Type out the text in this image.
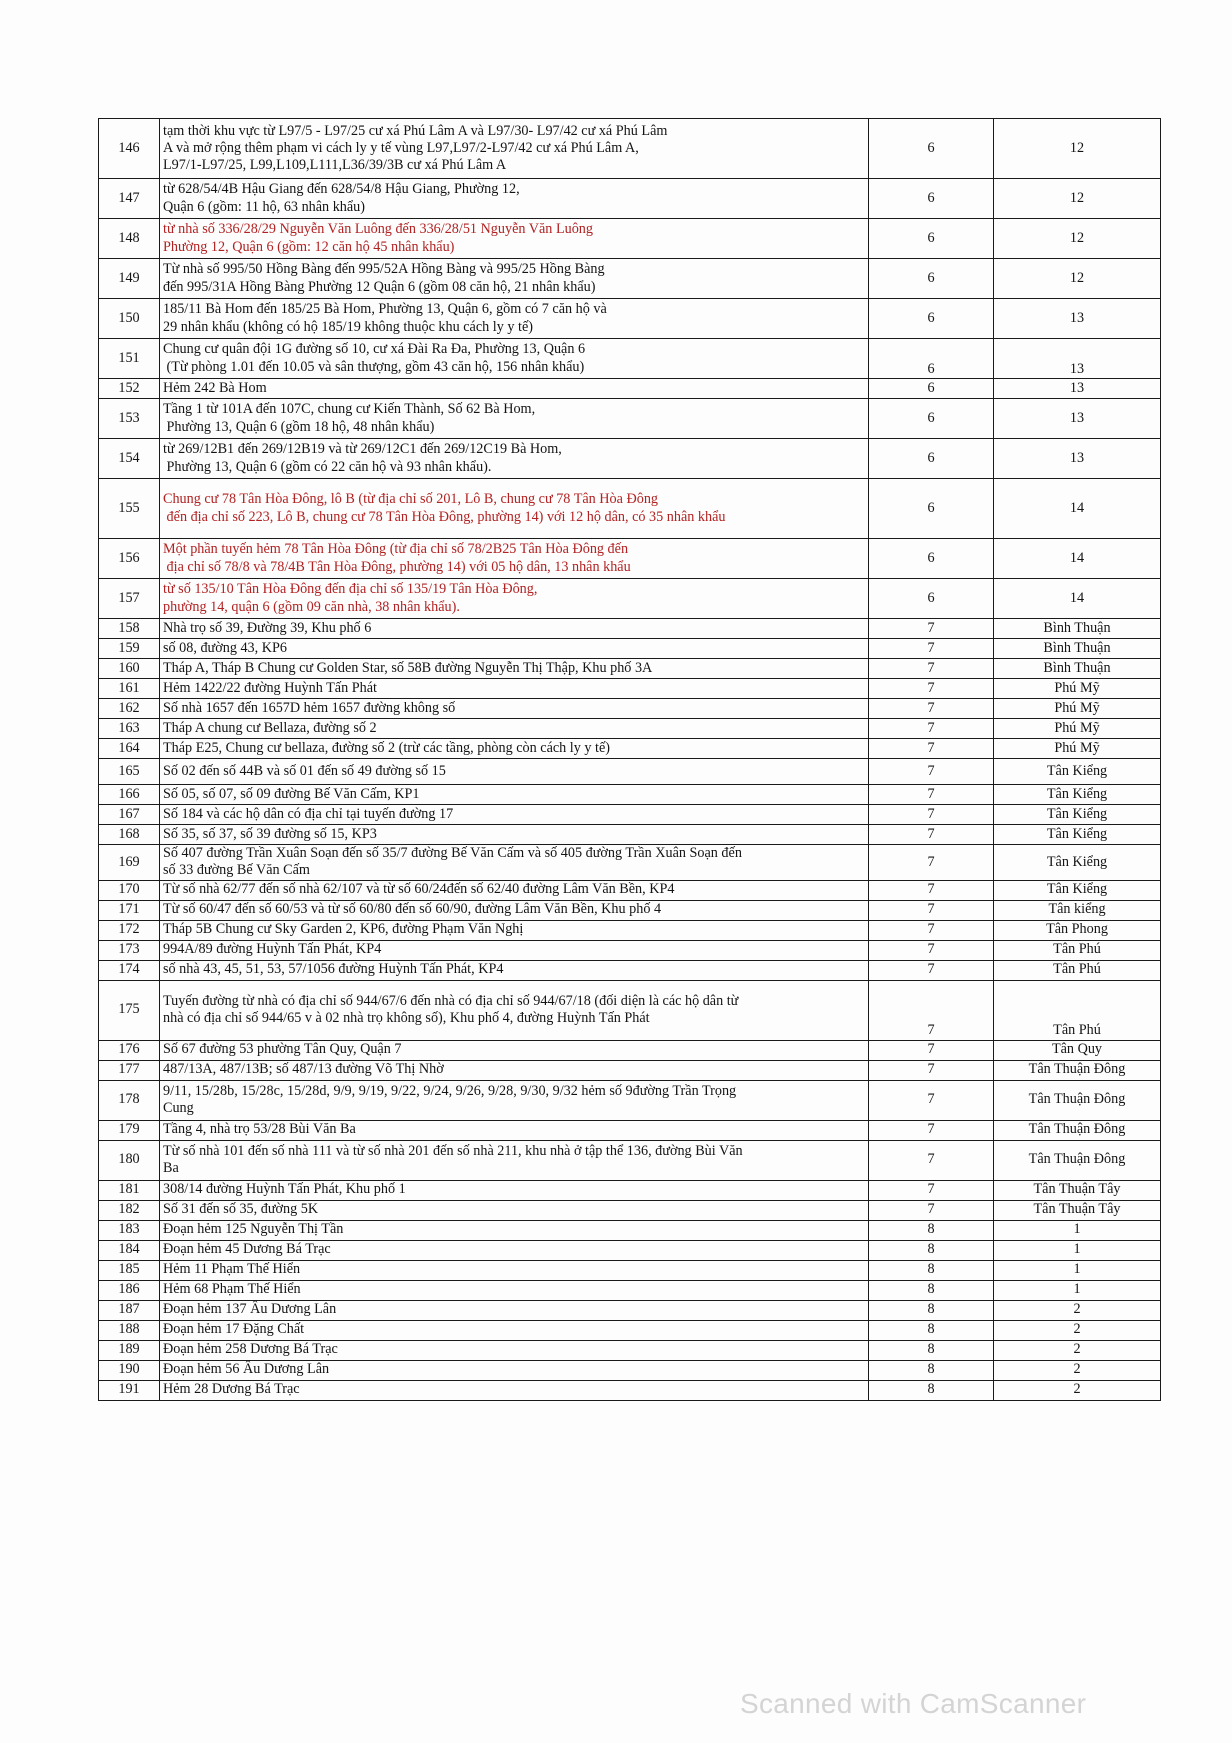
146	tạm thời khu vực từ L97/5 - L97/25 cư xá Phú Lâm A và L97/30- L97/42 cư xá Phú Lâm
A và mở rộng thêm phạm vi cách ly y tế vùng L97,L97/2-L97/42 cư xá Phú Lâm A,
L97/1-L97/25, L99,L109,L111,L36/39/3B cư xá Phú Lâm A	6	12
147	từ 628/54/4B Hậu Giang đến 628/54/8 Hậu Giang, Phường 12,
Quận 6 (gồm: 11 hộ, 63 nhân khẩu)	6	12
148	từ nhà số 336/28/29 Nguyễn Văn Luông đến 336/28/51 Nguyễn Văn Luông
Phường 12, Quận 6 (gồm: 12 căn hộ 45 nhân khẩu)	6	12
149	Từ nhà số 995/50 Hồng Bàng đến 995/52A Hồng Bàng và 995/25 Hồng Bàng
đến 995/31A Hồng Bàng Phường 12 Quận 6 (gồm 08 căn hộ, 21 nhân khẩu)	6	12
150	185/11 Bà Hom đến 185/25 Bà Hom, Phường 13, Quận 6, gồm có 7 căn hộ và
29 nhân khẩu (không có hộ 185/19 không thuộc khu cách ly y tế)	6	13
151	Chung cư quân đội 1G đường số 10, cư xá Đài Ra Đa, Phường 13, Quận 6
(Từ phòng 1.01 đến 10.05 và sân thượng, gồm 43 căn hộ, 156 nhân khẩu)	6	13
152	Hẻm 242 Bà Hom	6	13
153	Tầng 1 từ 101A đến 107C, chung cư Kiến Thành, Số 62 Bà Hom,
Phường 13, Quận 6 (gồm 18 hộ, 48 nhân khẩu)	6	13
154	từ 269/12B1 đến 269/12B19 và từ 269/12C1 đến 269/12C19 Bà Hom,
Phường 13, Quận 6 (gồm có 22 căn hộ và 93 nhân khẩu).	6	13
155	Chung cư 78 Tân Hòa Đông, lô B (từ địa chỉ số 201, Lô B, chung cư 78 Tân Hòa Đông
đến địa chỉ số 223, Lô B, chung cư 78 Tân Hòa Đông, phường 14) với 12 hộ dân, có 35 nhân khẩu	6	14
156	Một phần tuyến hẻm 78 Tân Hòa Đông (từ địa chỉ số 78/2B25 Tân Hòa Đông đến
địa chỉ số 78/8 và 78/4B Tân Hòa Đông, phường 14) với 05 hộ dân, 13 nhân khẩu	6	14
157	từ số 135/10 Tân Hòa Đông đến địa chỉ số 135/19 Tân Hòa Đông,
phường 14, quận 6 (gồm 09 căn nhà, 38 nhân khẩu).	6	14
158	Nhà trọ số 39, Đường 39, Khu phố 6	7	Bình Thuận
159	số 08, đường 43, KP6	7	Bình Thuận
160	Tháp A, Tháp B Chung cư Golden Star, số 58B đường Nguyễn Thị Thập, Khu phố 3A	7	Bình Thuận
161	Hẻm 1422/22 đường Huỳnh Tấn Phát	7	Phú Mỹ
162	Số nhà 1657 đến 1657D hẻm 1657 đường không số	7	Phú Mỹ
163	Tháp A chung cư Bellaza, đường số 2	7	Phú Mỹ
164	Tháp E25, Chung cư bellaza, đường số 2 (trừ các tầng, phòng còn cách ly y tế)	7	Phú Mỹ
165	Số 02 đến số 44B và số 01 đến số 49 đường số 15	7	Tân Kiểng
166	Số 05, số 07, số 09 đường Bế Văn Cấm, KP1	7	Tân Kiểng
167	Số 184 và các hộ dân có địa chỉ tại tuyến đường 17	7	Tân Kiểng
168	Số 35, số 37, số 39 đường số 15, KP3	7	Tân Kiểng
169	Số 407 đường Trần Xuân Soạn đến số 35/7 đường Bế Văn Cấm và số 405 đường Trần Xuân Soạn đến
số 33 đường Bế Văn Cấm	7	Tân Kiểng
170	Từ số nhà 62/77 đến số nhà 62/107 và từ số 60/24đến số 62/40 đường Lâm Văn Bền, KP4	7	Tân Kiểng
171	Từ số 60/47 đến số 60/53 và từ số 60/80 đến số 60/90, đường Lâm Văn Bền, Khu phố 4	7	Tân kiểng
172	Tháp 5B Chung cư Sky Garden 2, KP6, đường Phạm Văn Nghị	7	Tân Phong
173	994A/89 đường Huỳnh Tấn Phát, KP4	7	Tân Phú
174	số nhà 43, 45, 51, 53, 57/1056 đường Huỳnh Tấn Phát, KP4	7	Tân Phú
175	Tuyến đường từ nhà có địa chỉ số 944/67/6 đến nhà có địa chỉ số 944/67/18 (đối diện là các hộ dân từ
nhà có địa chỉ số 944/65 v à 02 nhà trọ không số), Khu phố 4, đường Huỳnh Tấn Phát	7	Tân Phú
176	Số 67 đường 53 phường Tân Quy, Quận 7	7	Tân Quy
177	487/13A, 487/13B; số 487/13 đường Võ Thị Nhờ	7	Tân Thuận Đông
178	9/11, 15/28b, 15/28c, 15/28d, 9/9, 9/19, 9/22, 9/24, 9/26, 9/28, 9/30, 9/32 hẻm số 9đường Trần Trọng
Cung	7	Tân Thuận Đông
179	Tầng 4, nhà trọ 53/28 Bùi Văn Ba	7	Tân Thuận Đông
180	Từ số nhà 101 đến số nhà 111 và từ số nhà 201 đến số nhà 211, khu nhà ở tập thể 136, đường Bùi Văn
Ba	7	Tân Thuận Đông
181	308/14 đường Huỳnh Tấn Phát, Khu phố 1	7	Tân Thuận Tây
182	Số 31 đến số 35, đường 5K	7	Tân Thuận Tây
183	Đoạn hẻm 125 Nguyễn Thị Tần	8	1
184	Đoạn hẻm 45 Dương Bá Trạc	8	1
185	Hẻm 11 Phạm Thế Hiển	8	1
186	Hẻm 68 Phạm Thế Hiển	8	1
187	Đoạn hẻm 137 Âu Dương Lân	8	2
188	Đoạn hẻm 17 Đặng Chất	8	2
189	Đoạn hẻm 258 Dương Bá Trạc	8	2
190	Đoạn hẻm 56 Âu Dương Lân	8	2
191	Hẻm 28 Dương Bá Trạc	8	2
Scanned with CamScanner
